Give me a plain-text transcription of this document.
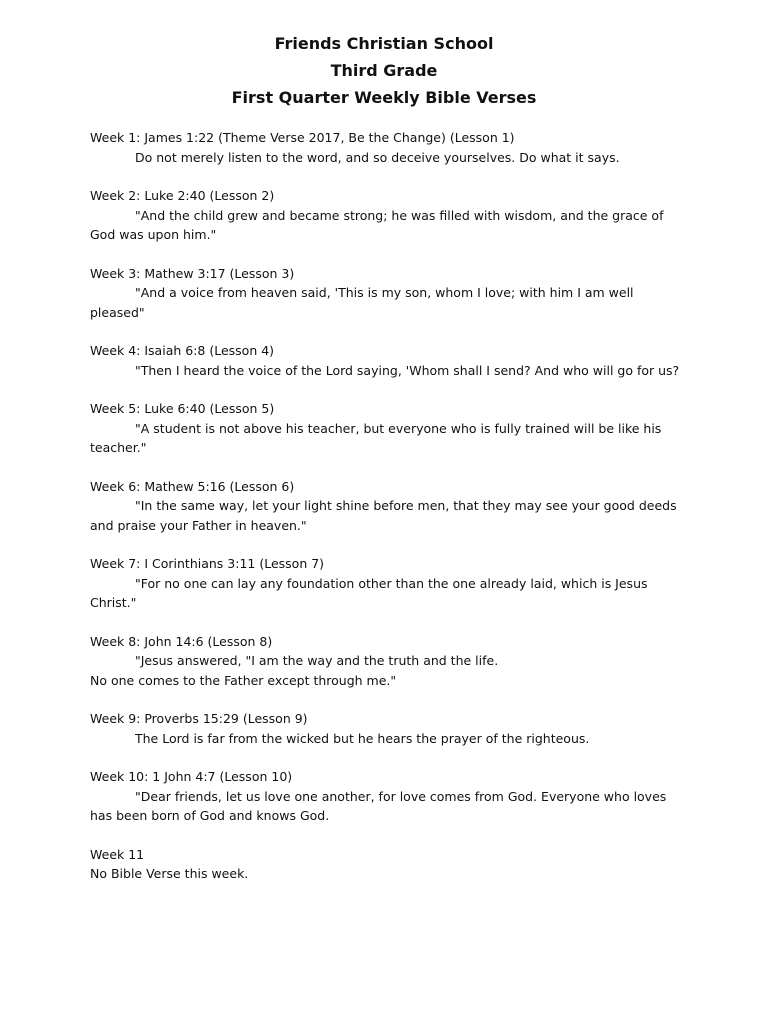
Friends Christian School
Third Grade
First Quarter Weekly Bible Verses
Week 1: James 1:22 (Theme Verse 2017, Be the Change) (Lesson 1)
Do not merely listen to the word, and so deceive yourselves. Do what it says.
Week 2: Luke 2:40 (Lesson 2)
"And the child grew and became strong; he was filled with wisdom, and the grace of God was upon him."
Week 3: Mathew 3:17 (Lesson 3)
"And a voice from heaven said, 'This is my son, whom I love; with him I am well pleased"
Week 4: Isaiah 6:8 (Lesson 4)
"Then I heard the voice of the Lord saying, 'Whom shall I send? And who will go for us?
Week 5: Luke 6:40 (Lesson 5)
"A student is not above his teacher, but everyone who is fully trained will be like his teacher."
Week 6: Mathew 5:16 (Lesson 6)
"In the same way, let your light shine before men, that they may see your good deeds and praise your Father in heaven."
Week 7: I Corinthians 3:11 (Lesson 7)
"For no one can lay any foundation other than the one already laid, which is Jesus Christ."
Week 8: John 14:6 (Lesson 8)
"Jesus answered, "I am the way and the truth and the life.
No one comes to the Father except through me."
Week 9: Proverbs 15:29 (Lesson 9)
The Lord is far from the wicked but he hears the prayer of the righteous.
Week 10: 1 John 4:7 (Lesson 10)
"Dear friends, let us love one another, for love comes from God. Everyone who loves has been born of God and knows God.
Week 11
No Bible Verse this week.
